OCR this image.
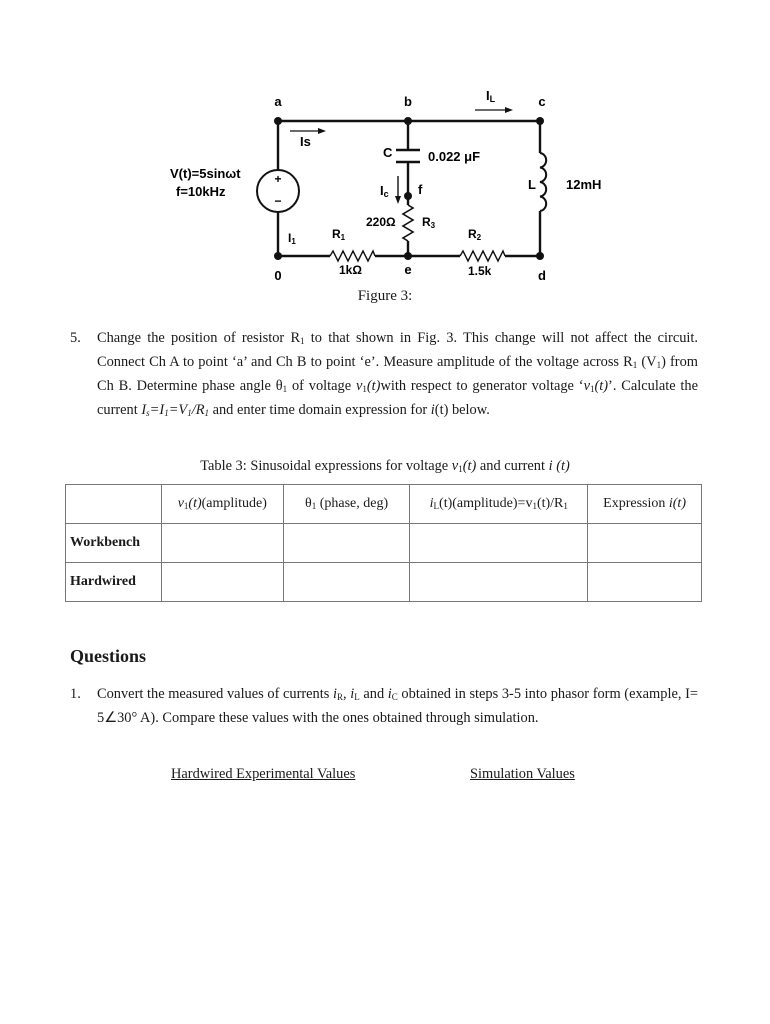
+
−
a	b	c
d
e
f
0
V(t)=5sinωt
f=10kHz
Is
IL
Ic
I1
C	0.022 μF
L 12mH
R1
1kΩ
220Ω R3
R2
1.5k
Figure 3:
5. Change the position of resistor $R_1$ to that shown in Fig. 3. This change will not affect the circuit. Connect Ch A to point ‘a’ and Ch B to point ‘e’. Measure amplitude of the voltage across $R_1$ $(V_1)$ from Ch B. Determine phase angle $\theta_1$ of voltage $v_1(t)with$ respect to generator voltage ‘$v_1(t)$’. Calculate the current $I_s=I_1=V_1/R_1$ and enter time domain expression for i(t) below.
Table 3: Sinusoidal expressions for voltage $v_1(t)$ and current i (t)
	$v_1(t)(amplitude)$	$\theta_1$ (phase, deg)	$i_L(t)(amplitude)=v_1(t)/R_1$	Expression i(t)
Workbench				
Hardwired				
Questions
1. Convert the measured values of currents $i_R$, $i_L$ and $i_C$ obtained in steps 3-5 into phasor form (example, I= 5∠30° A). Compare these values with the ones obtained through simulation.
Hardwired Experimental Values	Simulation Values
